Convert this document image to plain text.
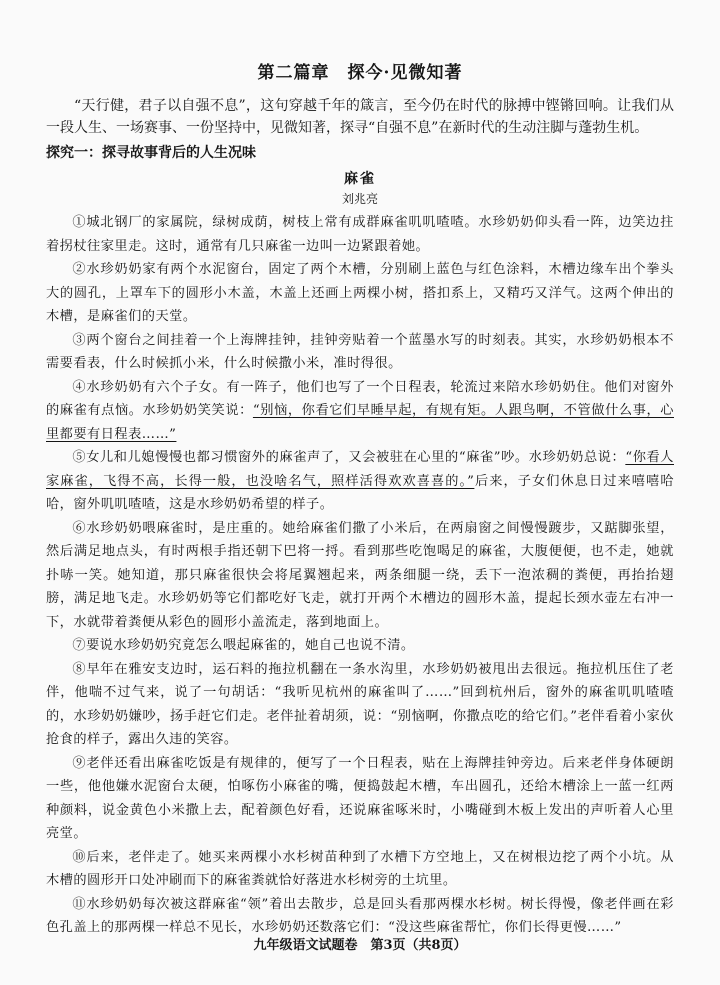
第二篇章　探今·见微知著

“天行健，君子以自强不息”，这句穿越千年的箴言，至今仍在时代的脉搏中铿锵回响。让我们从一段人生、一场赛事、一份坚持中，见微知著，探寻“自强不息”在新时代的生动注脚与蓬勃生机。

探究一：探寻故事背后的人生况味
麻雀
刘兆亮

①城北钢厂的家属院，绿树成荫，树枝上常有成群麻雀叽叽喳喳。水珍奶奶仰头看一阵，边笑边拄着拐杖往家里走。这时，通常有几只麻雀一边叫一边紧跟着她。

②水珍奶奶家有两个水泥窗台，固定了两个木槽，分别刷上蓝色与红色涂料，木槽边缘车出个拳头大的圆孔，上罩车下的圆形小木盖，木盖上还画上两棵小树，搭扣系上，又精巧又洋气。这两个伸出的木槽，是麻雀们的天堂。

③两个窗台之间挂着一个上海牌挂钟，挂钟旁贴着一个蓝墨水写的时刻表。其实，水珍奶奶根本不需要看表，什么时候抓小米，什么时候撒小米，准时得很。

④水珍奶奶有六个子女。有一阵子，他们也写了一个日程表，轮流过来陪水珍奶奶住。他们对窗外的麻雀有点恼。水珍奶奶笑笑说：“别恼，你看它们早睡早起，有规有矩。人跟鸟啊，不管做什么事，心里都要有日程表……”

⑤女儿和儿媳慢慢也都习惯窗外的麻雀声了，又会被驻在心里的“麻雀”吵。水珍奶奶总说：“你看人家麻雀，飞得不高，长得一般，也没啥名气，照样活得欢欢喜喜的。”后来，子女们休息日过来嘻嘻哈哈，窗外叽叽喳喳，这是水珍奶奶希望的样子。

⑥水珍奶奶喂麻雀时，是庄重的。她给麻雀们撒了小米后，在两扇窗之间慢慢踱步，又踮脚张望，然后满足地点头，有时两根手指还朝下巴将一捋。看到那些吃饱喝足的麻雀，大腹便便，也不走，她就扑哧一笑。她知道，那只麻雀很快会将尾翼翘起来，两条细腿一绕，丢下一泡浓稠的粪便，再抬抬翅膀，满足地飞走。水珍奶奶等它们都吃好飞走，就打开两个木槽边的圆形木盖，提起长颈水壶左右冲一下，水就带着粪便从彩色的圆形小盖流走，落到地面上。

⑦要说水珍奶奶究竟怎么喂起麻雀的，她自己也说不清。

⑧早年在雅安支边时，运石料的拖拉机翻在一条水沟里，水珍奶奶被甩出去很远。拖拉机压住了老伴，他喘不过气来，说了一句胡话：“我听见杭州的麻雀叫了……”回到杭州后，窗外的麻雀叽叽喳喳的，水珍奶奶嫌吵，扬手赶它们走。老伴扯着胡须，说：“别恼啊，你撒点吃的给它们。”老伴看着小家伙抢食的样子，露出久违的笑容。

⑨老伴还看出麻雀吃饭是有规律的，便写了一个日程表，贴在上海牌挂钟旁边。后来老伴身体硬朗一些，他他嫌水泥窗台太硬，怕啄伤小麻雀的嘴，便捣鼓起木槽，车出圆孔，还给木槽涂上一蓝一红两种颜料，说金黄色小米撒上去，配着颜色好看，还说麻雀啄米时，小嘴碰到木板上发出的声听着人心里亮堂。

⑩后来，老伴走了。她买来两棵小水杉树苗种到了水槽下方空地上，又在树根边挖了两个小坑。从木槽的圆形开口处冲刷而下的麻雀粪就恰好落进水杉树旁的土坑里。

⑪水珍奶奶每次被这群麻雀“领”着出去散步，总是回头看那两棵水杉树。树长得慢，像老伴画在彩色孔盖上的那两棵一样总不见长，水珍奶奶还数落它们：“没这些麻雀帮忙，你们长得更慢……”

九年级语文试题卷　第3页（共8页）
